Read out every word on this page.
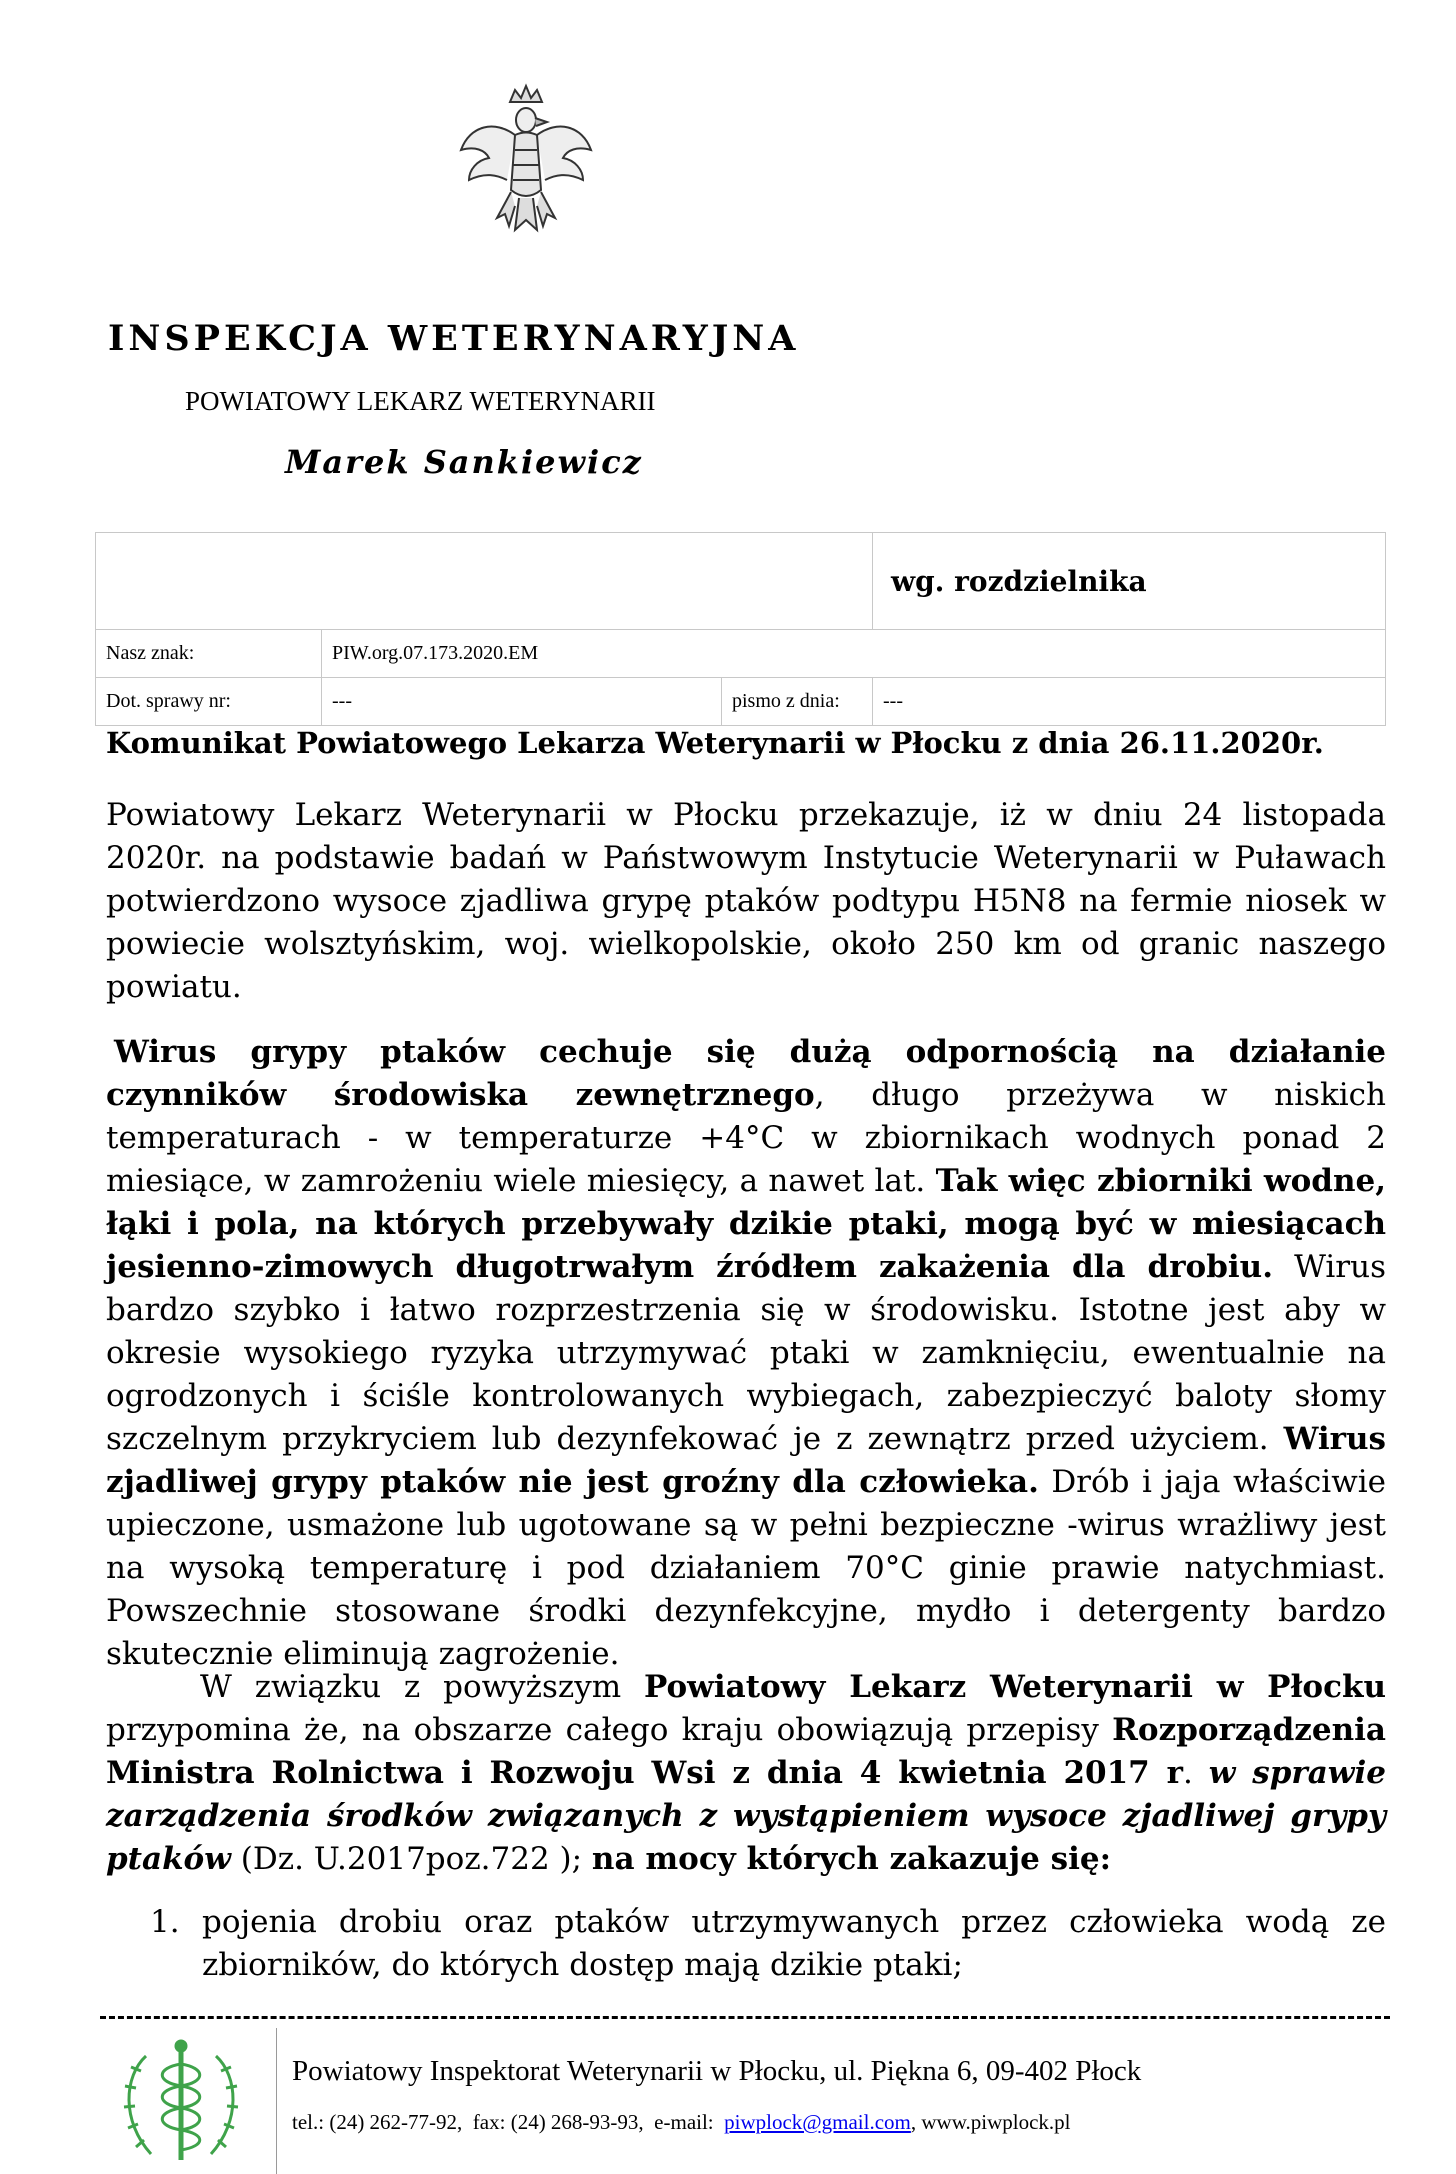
INSPEKCJA WETERYNARYJNA
POWIATOWY LEKARZ WETERYNARII
Marek Sankiewicz
			wg. rozdzielnika
Nasz znak:	PIW.org.07.173.2020.EM		
Dot. sprawy nr:	---	pismo z dnia:	---
Komunikat Powiatowego Lekarza Weterynarii w Płocku z dnia 26.11.2020r.
Powiatowy Lekarz Weterynarii w Płocku przekazuje, iż w dniu 24 listopada 2020r. na podstawie badań w Państwowym Instytucie Weterynarii w Puławach potwierdzono wysoce zjadliwa grypę ptaków podtypu H5N8 na fermie niosek w powiecie wolsztyńskim, woj. wielkopolskie, około 250 km od granic naszego powiatu.
Wirus grypy ptaków cechuje się dużą odpornością na działanie czynników środowiska zewnętrznego, długo przeżywa w niskich temperaturach - w temperaturze +4°C w zbiornikach wodnych ponad 2 miesiące, w zamrożeniu wiele miesięcy, a nawet lat. Tak więc zbiorniki wodne, łąki i pola, na których przebywały dzikie ptaki, mogą być w miesiącach jesienno-zimowych długotrwałym źródłem zakażenia dla drobiu. Wirus bardzo szybko i łatwo rozprzestrzenia się w środowisku. Istotne jest aby w okresie wysokiego ryzyka utrzymywać ptaki w zamknięciu, ewentualnie na ogrodzonych i ściśle kontrolowanych wybiegach, zabezpieczyć baloty słomy szczelnym przykryciem lub dezynfekować je z zewnątrz przed użyciem. Wirus zjadliwej grypy ptaków nie jest groźny dla człowieka. Drób i jaja właściwie upieczone, usmażone lub ugotowane są w pełni bezpieczne -wirus wrażliwy jest na wysoką temperaturę i pod działaniem 70°C ginie prawie natychmiast. Powszechnie stosowane środki dezynfekcyjne, mydło i detergenty bardzo skutecznie eliminują zagrożenie.
W związku z powyższym Powiatowy Lekarz Weterynarii w Płocku przypomina że, na obszarze całego kraju obowiązują przepisy Rozporządzenia Ministra Rolnictwa i Rozwoju Wsi z dnia 4 kwietnia 2017 r. w sprawie zarządzenia środków związanych z wystąpieniem wysoce zjadliwej grypy ptaków (Dz. U.2017poz.722 ); na mocy których zakazuje się:
1. pojenia drobiu oraz ptaków utrzymywanych przez człowieka wodą ze zbiorników, do których dostęp mają dzikie ptaki;
Powiatowy Inspektorat Weterynarii w Płocku, ul. Piękna 6, 09-402 Płock
tel.: (24) 262-77-92, fax: (24) 268-93-93, e-mail: piwplock@gmail.com, www.piwplock.pl
